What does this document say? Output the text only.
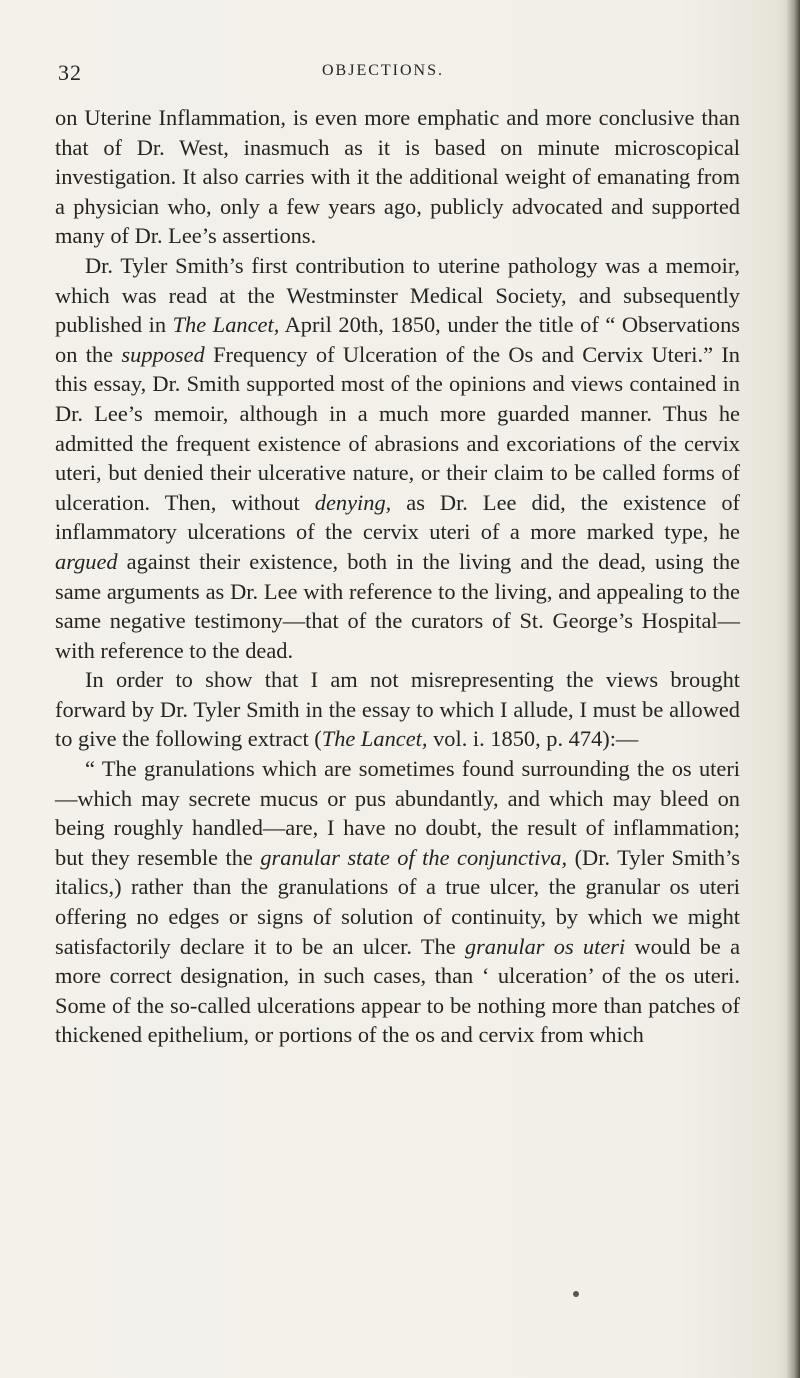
32	OBJECTIONS.

on Uterine Inflammation, is even more emphatic and more conclusive than that of Dr. West, inasmuch as it is based on minute microscopical investigation. It also carries with it the additional weight of emanating from a physician who, only a few years ago, publicly advocated and supported many of Dr. Lee’s assertions.

Dr. Tyler Smith’s first contribution to uterine pathology was a memoir, which was read at the Westminster Medical Society, and subsequently published in The Lancet, April 20th, 1850, under the title of “ Observations on the supposed Frequency of Ulceration of the Os and Cervix Uteri.” In this essay, Dr. Smith supported most of the opinions and views contained in Dr. Lee’s memoir, although in a much more guarded manner. Thus he admitted the frequent existence of abrasions and excoriations of the cervix uteri, but denied their ulcerative nature, or their claim to be called forms of ulceration. Then, without denying, as Dr. Lee did, the existence of inflammatory ulcerations of the cervix uteri of a more marked type, he argued against their existence, both in the living and the dead, using the same arguments as Dr. Lee with reference to the living, and appealing to the same negative testimony—that of the curators of St. George’s Hospital—with reference to the dead.

In order to show that I am not misrepresenting the views brought forward by Dr. Tyler Smith in the essay to which I allude, I must be allowed to give the following extract (The Lancet, vol. i. 1850, p. 474):—

“ The granulations which are sometimes found surrounding the os uteri—which may secrete mucus or pus abundantly, and which may bleed on being roughly handled—are, I have no doubt, the result of inflammation; but they resemble the granular state of the conjunctiva, (Dr. Tyler Smith’s italics,) rather than the granulations of a true ulcer, the granular os uteri offering no edges or signs of solution of continuity, by which we might satisfactorily declare it to be an ulcer. The granular os uteri would be a more correct designation, in such cases, than ‘ ulceration’ of the os uteri. Some of the so-called ulcerations appear to be nothing more than patches of thickened epithelium, or portions of the os and cervix from which
